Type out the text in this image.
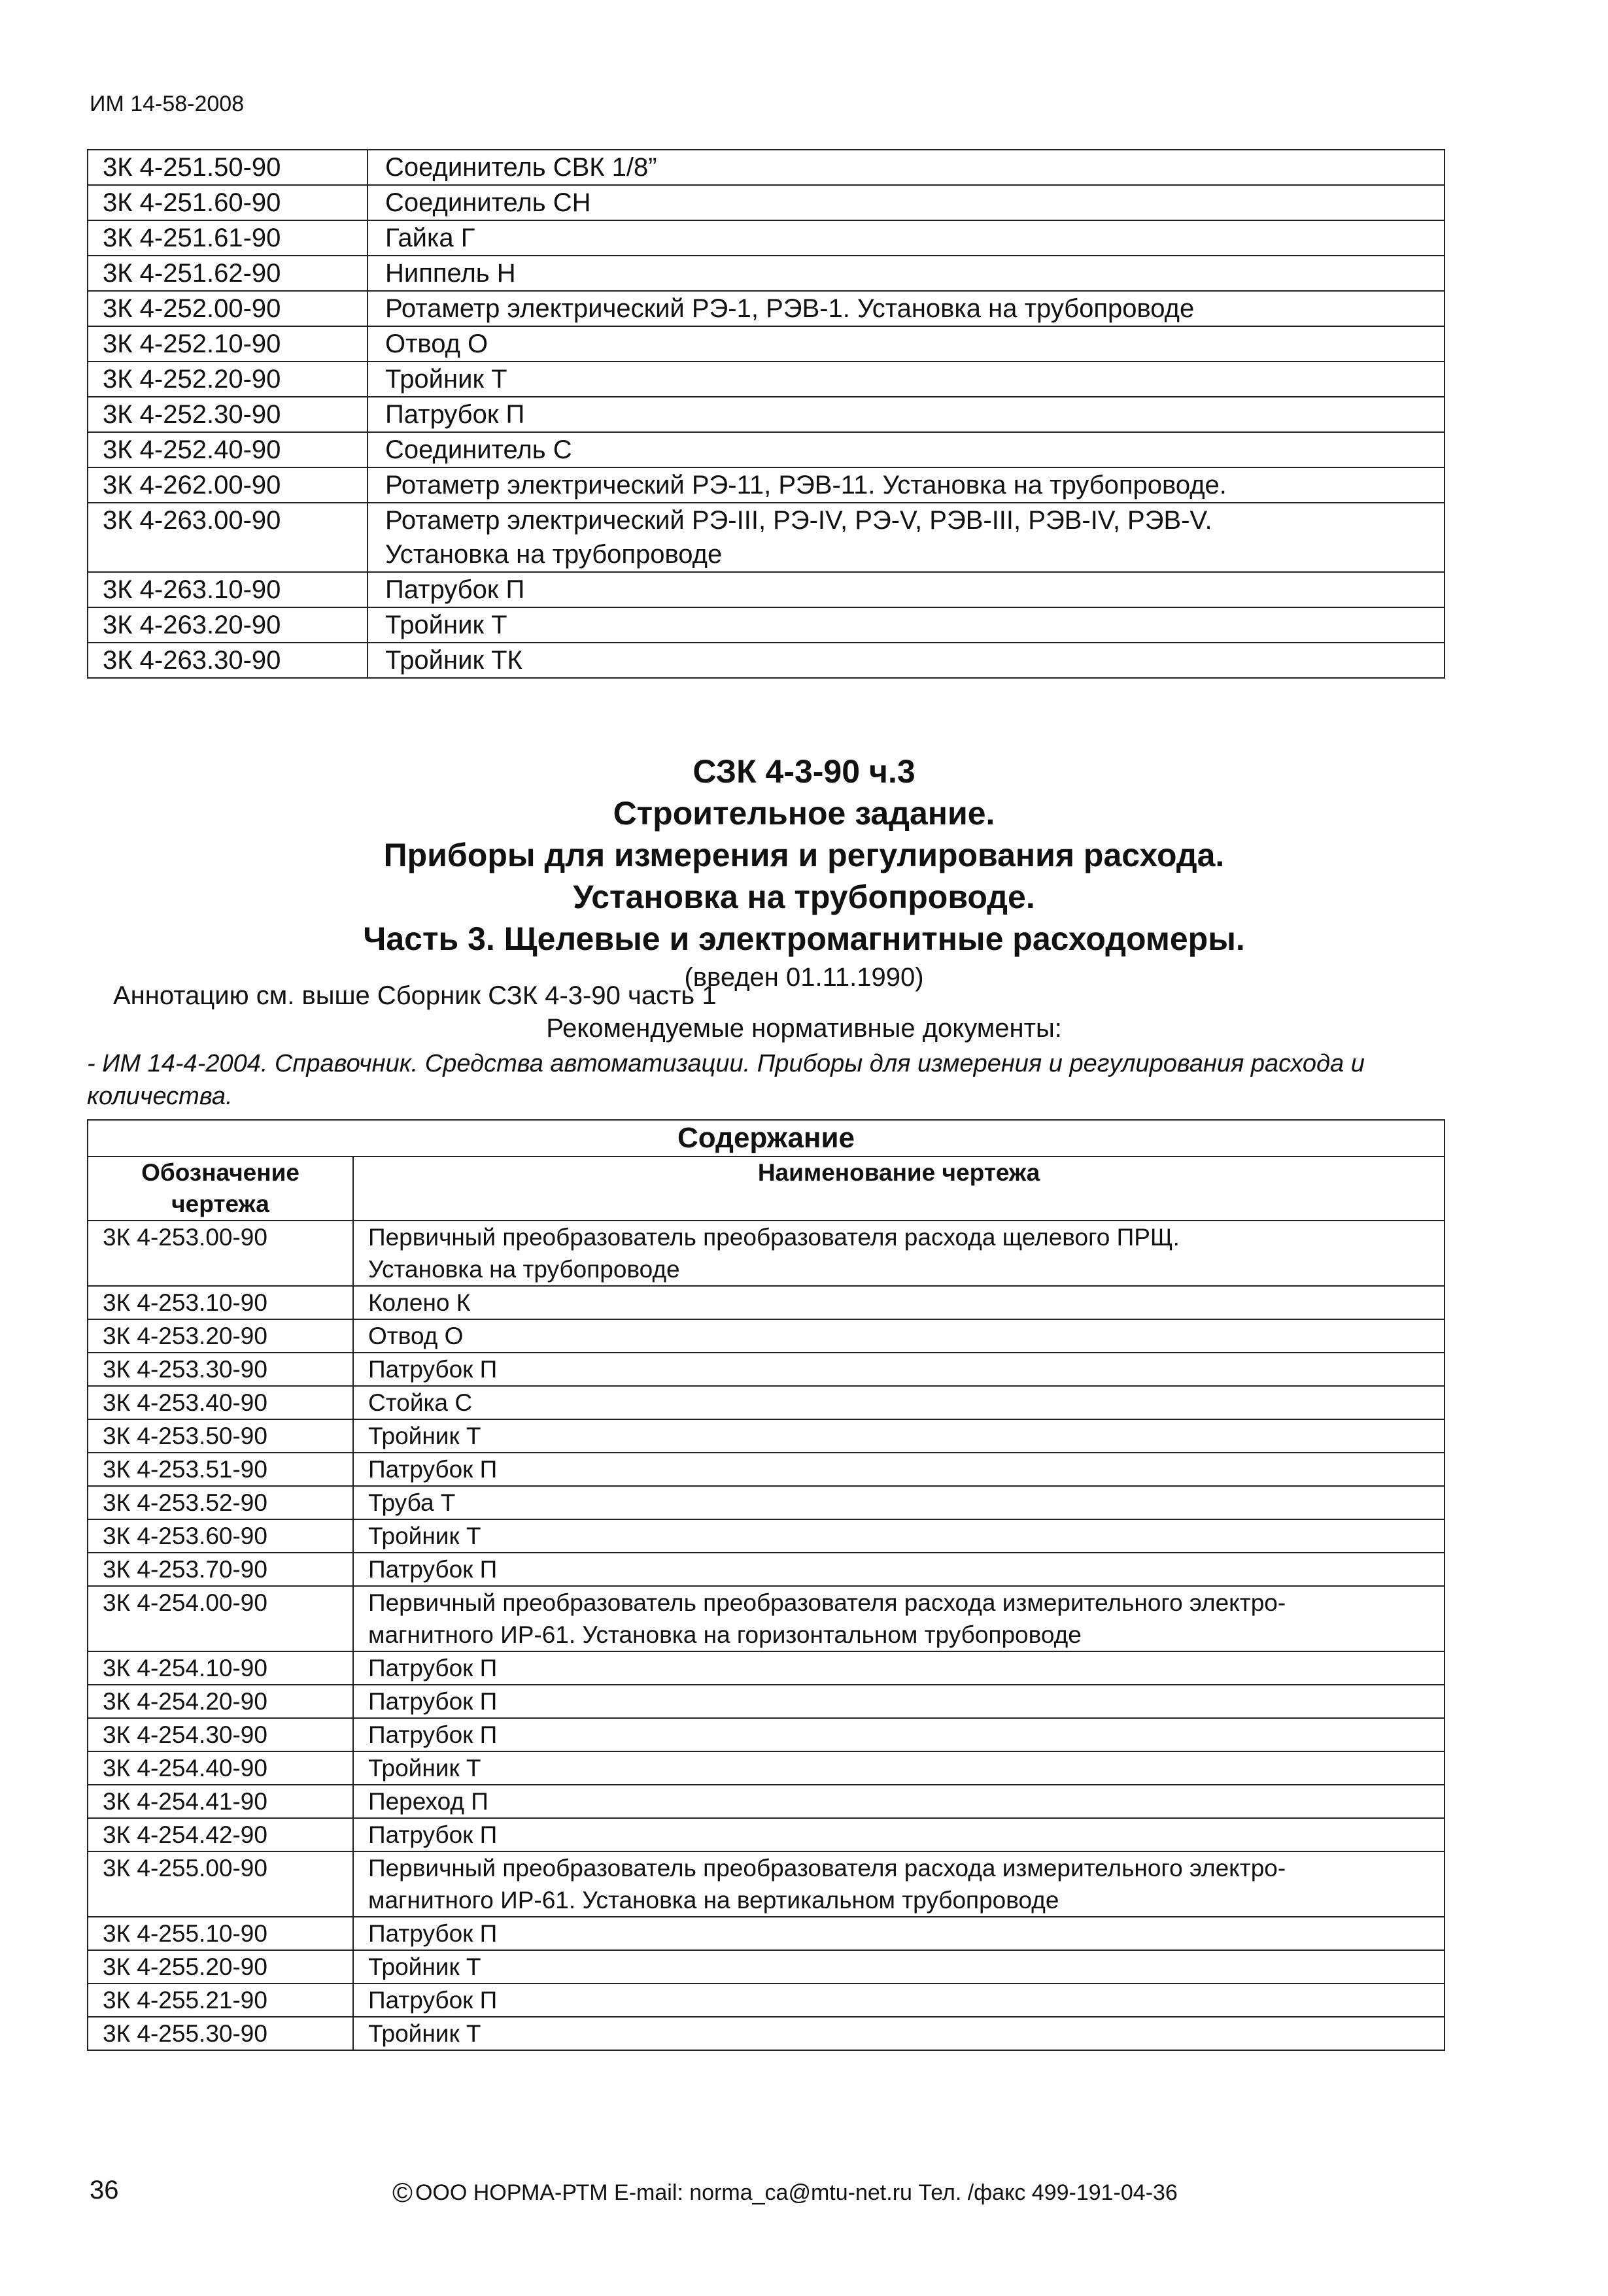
ИМ 14-58-2008
3К 4-251.50-90	Соединитель СВК 1/8”
3К 4-251.60-90	Соединитель СН
3К 4-251.61-90	Гайка Г
3К 4-251.62-90	Ниппель Н
3К 4-252.00-90	Ротаметр электрический РЭ-1, РЭВ-1. Установка на трубопроводе
3К 4-252.10-90	Отвод О
3К 4-252.20-90	Тройник Т
3К 4-252.30-90	Патрубок П
3К 4-252.40-90	Соединитель С
3К 4-262.00-90	Ротаметр электрический РЭ-11, РЭВ-11. Установка на трубопроводе.
3К 4-263.00-90	Ротаметр электрический РЭ-III, РЭ-IV, РЭ-V, РЭВ-III, РЭВ-IV, РЭВ-V.
Установка на трубопроводе
3К 4-263.10-90	Патрубок П
3К 4-263.20-90	Тройник Т
3К 4-263.30-90	Тройник ТК
СЗК 4-3-90 ч.3
Строительное задание.
Приборы для измерения и регулирования расхода.
Установка на трубопроводе.
Часть 3. Щелевые и электромагнитные расходомеры.
(введен 01.11.1990)
Аннотацию см. выше Сборник СЗК 4-3-90 часть 1
Рекомендуемые нормативные документы:
- ИМ 14-4-2004. Справочник. Средства автоматизации. Приборы для измерения и регулирования расхода и количества.
Содержание	
Обозначение
чертежа	Наименование чертежа
3К 4-253.00-90	Первичный преобразователь преобразователя расхода щелевого ПРЩ.
Установка на трубопроводе
3К 4-253.10-90	Колено К
3К 4-253.20-90	Отвод О
3К 4-253.30-90	Патрубок П
3К 4-253.40-90	Стойка С
3К 4-253.50-90	Тройник Т
3К 4-253.51-90	Патрубок П
3К 4-253.52-90	Труба Т
3К 4-253.60-90	Тройник Т
3К 4-253.70-90	Патрубок П
3К 4-254.00-90	Первичный преобразователь преобразователя расхода измерительного электро-
магнитного ИР-61. Установка на горизонтальном трубопроводе
3К 4-254.10-90	Патрубок П
3К 4-254.20-90	Патрубок П
3К 4-254.30-90	Патрубок П
3К 4-254.40-90	Тройник Т
3К 4-254.41-90	Переход П
3К 4-254.42-90	Патрубок П
3К 4-255.00-90	Первичный преобразователь преобразователя расхода измерительного электро-
магнитного ИР-61. Установка на вертикальном трубопроводе
3К 4-255.10-90	Патрубок П
3К 4-255.20-90	Тройник Т
3К 4-255.21-90	Патрубок П
3К 4-255.30-90	Тройник Т
36	© ООО НОРМА-РТМ E-mail: norma_ca@mtu-net.ru Тел. /факс 499-191-04-36
